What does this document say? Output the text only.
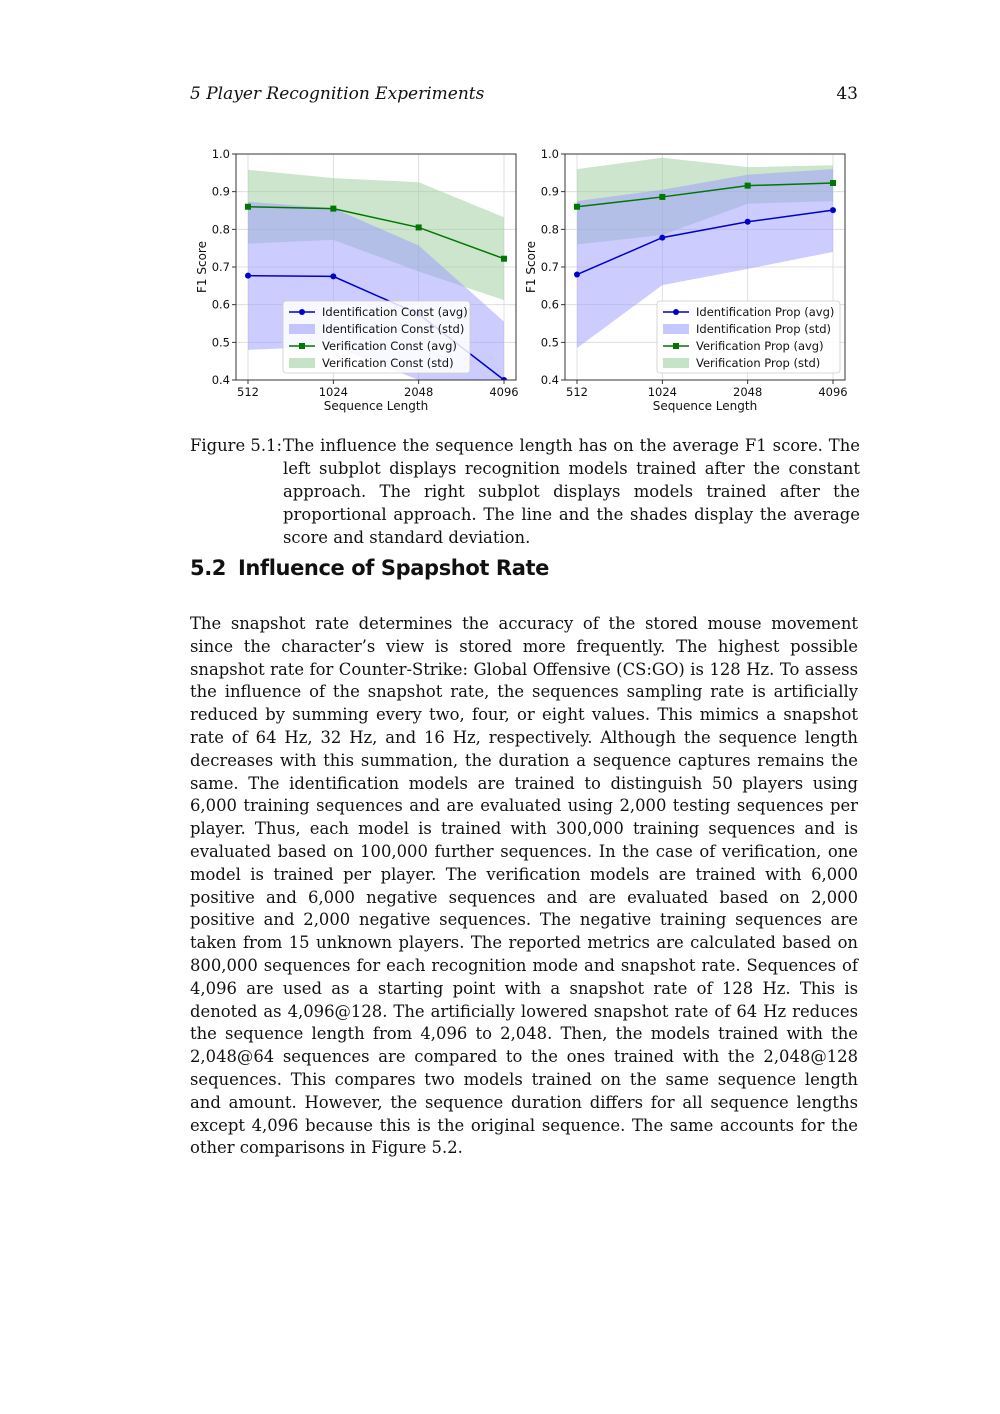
5 Player Recognition Experiments	43
0.4
0.5
0.6
0.7
0.8
0.9
1.0
512	1024	2048	4096
Sequence Length
F1 Score
Identification Const (avg)
Identification Const (std)
Verification Const (avg)
Verification Const (std)
0.4
0.5
0.6
0.7
0.8
0.9
1.0
512	1024	2048	4096
Sequence Length
F1 Score
Identification Prop (avg)
Identification Prop (std)
Verification Prop (avg)
Verification Prop (std)
Figure 5.1: The influence the sequence length has on the average F1 score. The left subplot displays recognition models trained after the constant approach. The right subplot displays models trained after the proportional approach. The line and the shades display the average score and standard deviation.
5.2 Influence of Spapshot Rate
The snapshot rate determines the accuracy of the stored mouse movement since the character’s view is stored more frequently. The highest possible snapshot rate for Counter-Strike: Global Offensive (CS:GO) is 128 Hz. To assess the influence of the snapshot rate, the sequences sampling rate is artificially reduced by summing every two, four, or eight values. This mimics a snapshot rate of 64 Hz, 32 Hz, and 16 Hz, respectively. Although the sequence length decreases with this summation, the duration a sequence captures remains the same. The identification models are trained to distinguish 50 players using 6,000 training sequences and are evaluated using 2,000 testing sequences per player. Thus, each model is trained with 300,000 training sequences and is evaluated based on 100,000 further sequences. In the case of verification, one model is trained per player. The verification models are trained with 6,000 positive and 6,000 negative sequences and are evaluated based on 2,000 positive and 2,000 negative sequences. The negative training sequences are taken from 15 unknown players. The reported metrics are calculated based on 800,000 sequences for each recognition mode and snapshot rate. Sequences of 4,096 are used as a starting point with a snapshot rate of 128 Hz. This is denoted as 4,096@128. The artificially lowered snapshot rate of 64 Hz reduces the sequence length from 4,096 to 2,048. Then, the models trained with the 2,048@64 sequences are compared to the ones trained with the 2,048@128 sequences. This compares two models trained on the same sequence length and amount. However, the sequence duration differs for all sequence lengths except 4,096 because this is the original sequence. The same accounts for the other comparisons in Figure 5.2.
